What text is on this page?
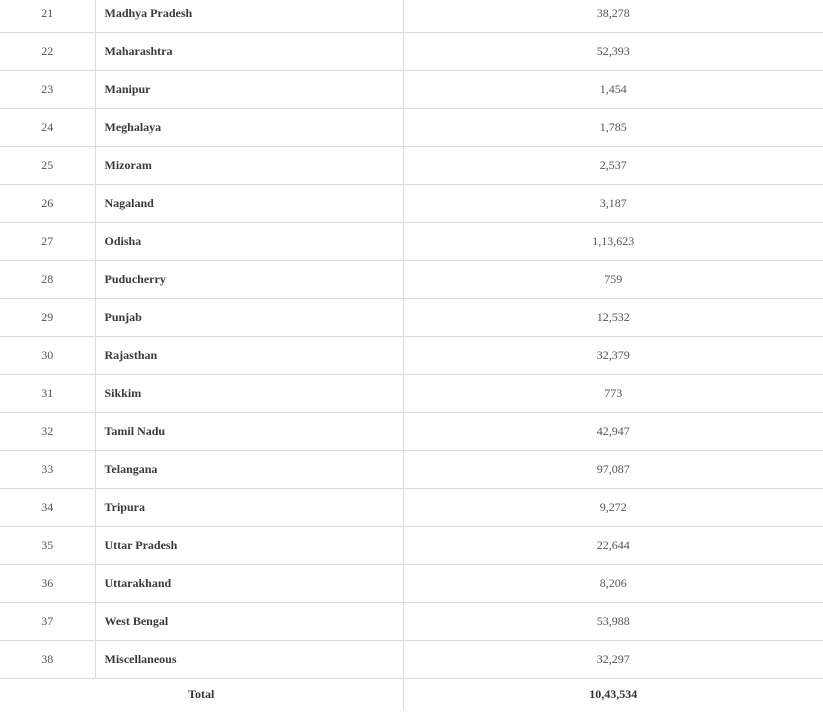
21	Madhya Pradesh	38,278
22	Maharashtra	52,393
23	Manipur	1,454
24	Meghalaya	1,785
25	Mizoram	2,537
26	Nagaland	3,187
27	Odisha	1,13,623
28	Puducherry	759
29	Punjab	12,532
30	Rajasthan	32,379
31	Sikkim	773
32	Tamil Nadu	42,947
33	Telangana	97,087
34	Tripura	9,272
35	Uttar Pradesh	22,644
36	Uttarakhand	8,206
37	West Bengal	53,988
38	Miscellaneous	32,297
Total		10,43,534
